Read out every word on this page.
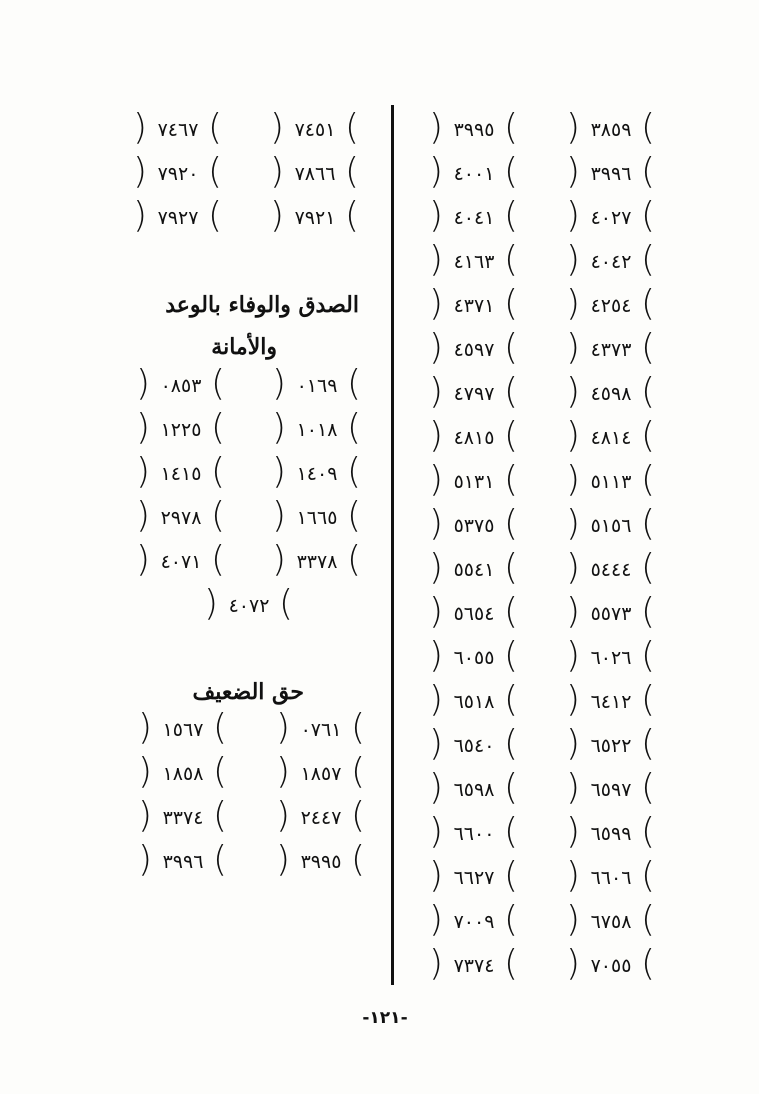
( ٣٨٥٩ )
( ٣٩٩٥ )
( ٣٩٩٦ )
( ٤٠٠١ )
( ٤٠٢٧ )
( ٤٠٤١ )
( ٤٠٤٢ )
( ٤١٦٣ )
( ٤٢٥٤ )
( ٤٣٧١ )
( ٤٣٧٣ )
( ٤٥٩٧ )
( ٤٥٩٨ )
( ٤٧٩٧ )
( ٤٨١٤ )
( ٤٨١٥ )
( ٥١١٣ )
( ٥١٣١ )
( ٥١٥٦ )
( ٥٣٧٥ )
( ٥٤٤٤ )
( ٥٥٤١ )
( ٥٥٧٣ )
( ٥٦٥٤ )
( ٦٠٢٦ )
( ٦٠٥٥ )
( ٦٤١٢ )
( ٦٥١٨ )
( ٦٥٢٢ )
( ٦٥٤٠ )
( ٦٥٩٧ )
( ٦٥٩٨ )
( ٦٥٩٩ )
( ٦٦٠٠ )
( ٦٦٠٦ )
( ٦٦٢٧ )
( ٦٧٥٨ )
( ٧٠٠٩ )
( ٧٠٥٥ )
( ٧٣٧٤ )
( ٧٤٥١ )
( ٧٤٦٧ )
( ٧٨٦٦ )
( ٧٩٢٠ )
( ٧٩٢١ )
( ٧٩٢٧ )
الصدق والوفاء بالوعد
والأمانة
( ٠١٦٩ )
( ٠٨٥٣ )
( ١٠١٨ )
( ١٢٢٥ )
( ١٤٠٩ )
( ١٤١٥ )
( ١٦٦٥ )
( ٢٩٧٨ )
( ٣٣٧٨ )
( ٤٠٧١ )
( ٤٠٧٢ )
حق الضعيف
( ٠٧٦١ )
( ١٥٦٧ )
( ١٨٥٧ )
( ١٨٥٨ )
( ٢٤٤٧ )
( ٣٣٧٤ )
( ٣٩٩٥ )
( ٣٩٩٦ )
-١٢١-
